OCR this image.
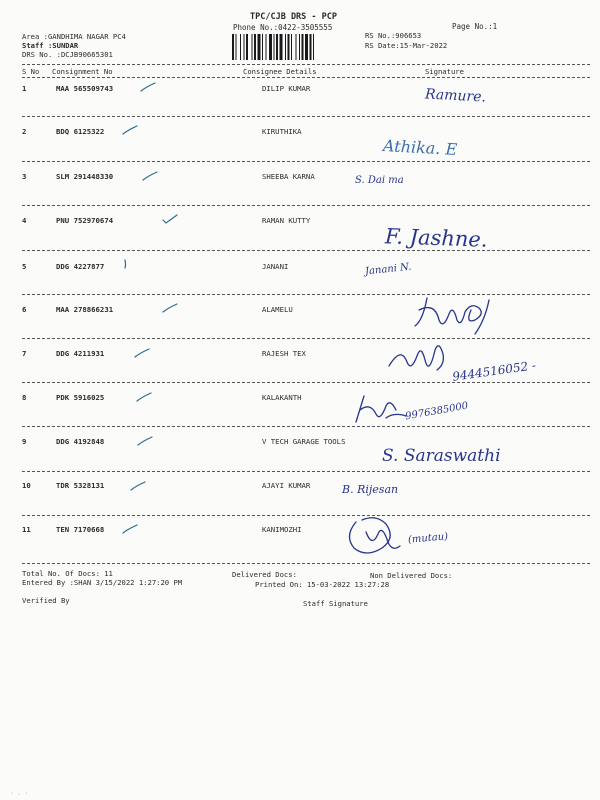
TPC/CJB DRS - PCP
Phone No.:0422-3505555	Page No.:1
Area :GANDHIMA NAGAR PC4
Staff :SUNDAR
DRS No. :DCJB90665301
RS No.:906653
RS Date:15-Mar-2022
S No Consignment No	Consignee Details	Signature
1	MAA 565509743	DILIP KUMAR	Ramure.
2	BDQ 6125322	KIRUTHIKA
Athika. E
3	SLM 291448330	SHEEBA KARNA	S. Dai ma
4	PNU 752970674	RAMAN KUTTY
F. Jashne.
5	DDG 4227877	JANANI	Janani N.
6	MAA 278866231	ALAMELU
7	DDG 4211931	RAJESH TEX
9444516052 -
8	PDK 5916025	KALAKANTH
9976385000
9	DDG 4192848	V TECH GARAGE TOOLS
S. Saraswathi
10	TDR 5328131	AJAYI KUMAR	B. Rijesan
11	TEN 7170668	KANIMOZHI
(mutau)
Total No. Of Docs: 11	Delivered Docs:	Non Delivered Docs:
Entered By :SHAN 3/15/2022 1:27:20 PM	Printed On: 15-03-2022 13:27:28
Verified By	Staff Signature
· . ·
